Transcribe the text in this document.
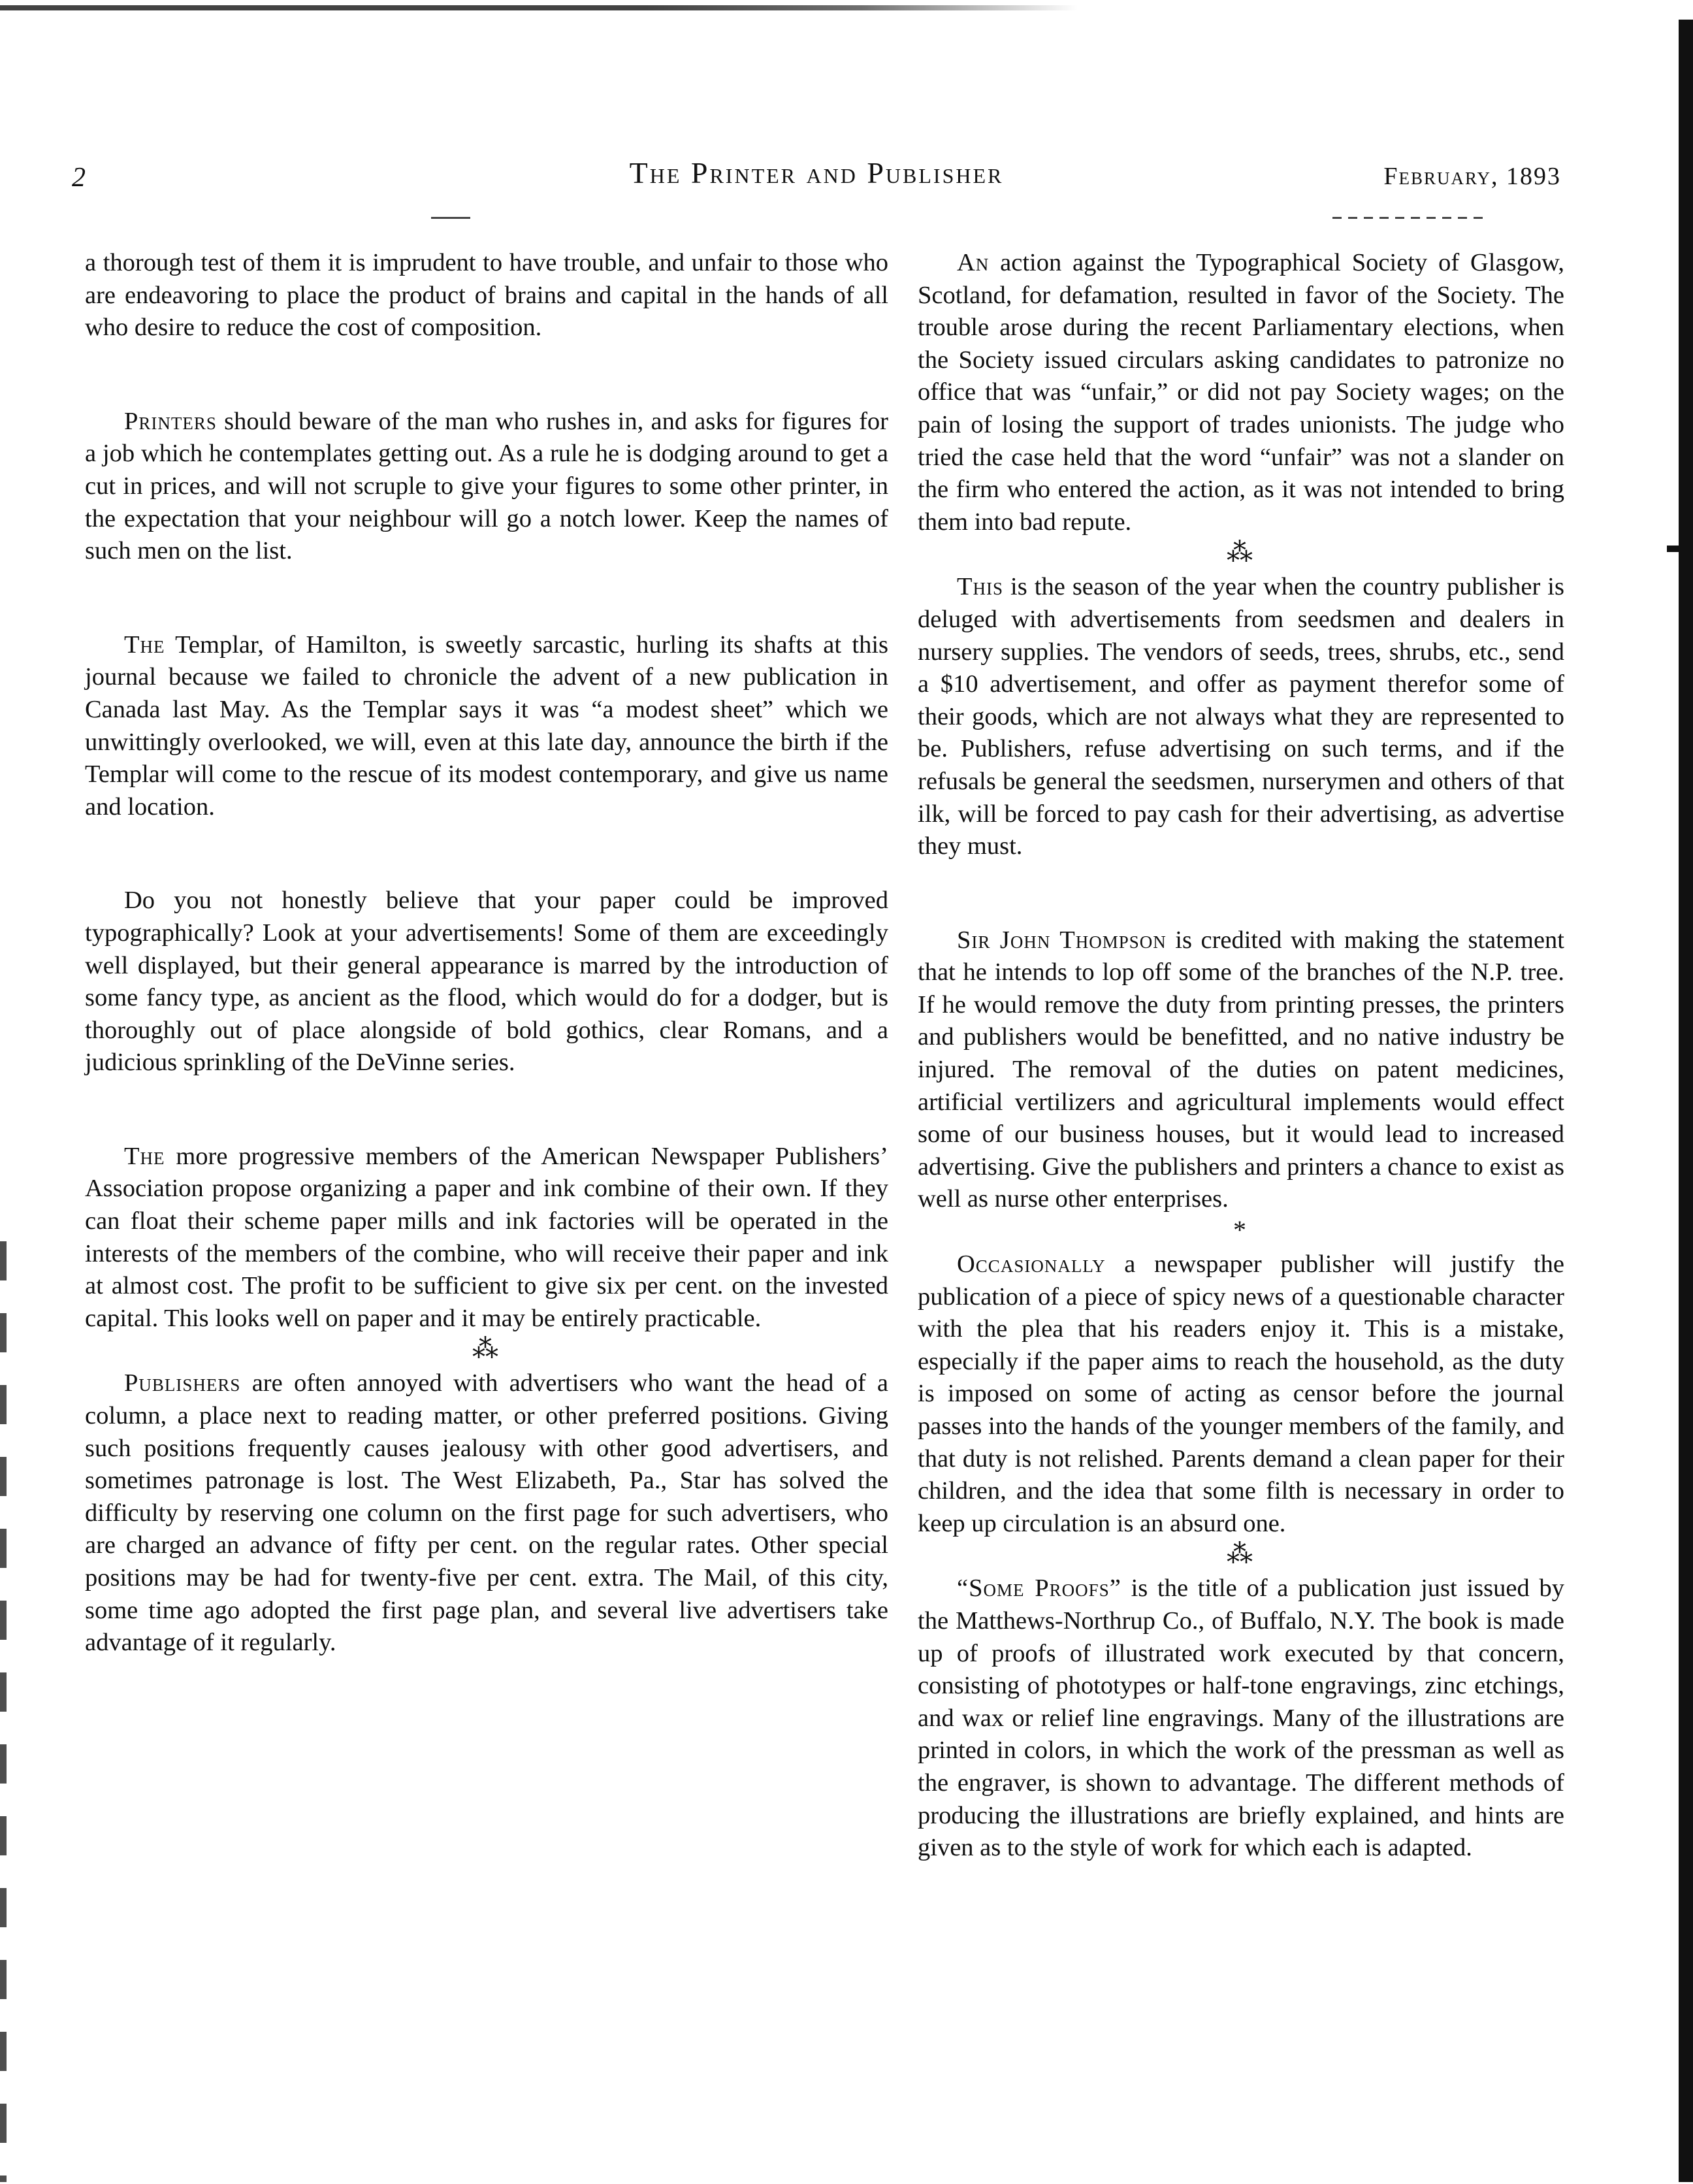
2	The Printer and Publisher	February, 1893

a thorough test of them it is imprudent to have trouble, and unfair to those who are endeavoring to place the product of brains and capital in the hands of all who desire to reduce the cost of composition.

Printers should beware of the man who rushes in, and asks for figures for a job which he contemplates getting out. As a rule he is dodging around to get a cut in prices, and will not scruple to give your figures to some other printer, in the expectation that your neighbour will go a notch lower. Keep the names of such men on the list.

The Templar, of Hamilton, is sweetly sarcastic, hurling its shafts at this journal because we failed to chronicle the advent of a new publication in Canada last May. As the Templar says it was “a modest sheet” which we unwittingly overlooked, we will, even at this late day, announce the birth if the Templar will come to the rescue of its modest contemporary, and give us name and location.

Do you not honestly believe that your paper could be improved typographically? Look at your advertisements! Some of them are exceedingly well displayed, but their general appearance is marred by the introduction of some fancy type, as ancient as the flood, which would do for a dodger, but is thoroughly out of place alongside of bold gothics, clear Romans, and a judicious sprinkling of the DeVinne series.

The more progressive members of the American Newspaper Publishers’ Association propose organizing a paper and ink combine of their own. If they can float their scheme paper mills and ink factories will be operated in the interests of the members of the combine, who will receive their paper and ink at almost cost. The profit to be sufficient to give six per cent. on the invested capital. This looks well on paper and it may be entirely practicable.

⁂

Publishers are often annoyed with advertisers who want the head of a column, a place next to reading matter, or other preferred positions. Giving such positions frequently causes jealousy with other good advertisers, and sometimes patronage is lost. The West Elizabeth, Pa., Star has solved the difficulty by reserving one column on the first page for such advertisers, who are charged an advance of fifty per cent. on the regular rates. Other special positions may be had for twenty-five per cent. extra. The Mail, of this city, some time ago adopted the first page plan, and several live advertisers take advantage of it regularly.

An action against the Typographical Society of Glasgow, Scotland, for defamation, resulted in favor of the Society. The trouble arose during the recent Parliamentary elections, when the Society issued circulars asking candidates to patronize no office that was “unfair,” or did not pay Society wages; on the pain of losing the support of trades unionists. The judge who tried the case held that the word “unfair” was not a slander on the firm who entered the action, as it was not intended to bring them into bad repute.

⁂

This is the season of the year when the country publisher is deluged with advertisements from seedsmen and dealers in nursery supplies. The vendors of seeds, trees, shrubs, etc., send a $10 advertisement, and offer as payment therefor some of their goods, which are not always what they are represented to be. Publishers, refuse advertising on such terms, and if the refusals be general the seedsmen, nurserymen and others of that ilk, will be forced to pay cash for their advertising, as advertise they must.

Sir John Thompson is credited with making the statement that he intends to lop off some of the branches of the N.P. tree. If he would remove the duty from printing presses, the printers and publishers would be benefitted, and no native industry be injured. The removal of the duties on patent medicines, artificial vertilizers and agricultural implements would effect some of our business houses, but it would lead to increased advertising. Give the publishers and printers a chance to exist as well as nurse other enterprises.

*

Occasionally a newspaper publisher will justify the publication of a piece of spicy news of a questionable character with the plea that his readers enjoy it. This is a mistake, especially if the paper aims to reach the household, as the duty is imposed on some of acting as censor before the journal passes into the hands of the younger members of the family, and that duty is not relished. Parents demand a clean paper for their children, and the idea that some filth is necessary in order to keep up circulation is an absurd one.

⁂

“Some Proofs” is the title of a publication just issued by the Matthews-Northrup Co., of Buffalo, N.Y. The book is made up of proofs of illustrated work executed by that concern, consisting of phototypes or half-tone engravings, zinc etchings, and wax or relief line engravings. Many of the illustrations are printed in colors, in which the work of the pressman as well as the engraver, is shown to advantage. The different methods of producing the illustrations are briefly explained, and hints are given as to the style of work for which each is adapted.
